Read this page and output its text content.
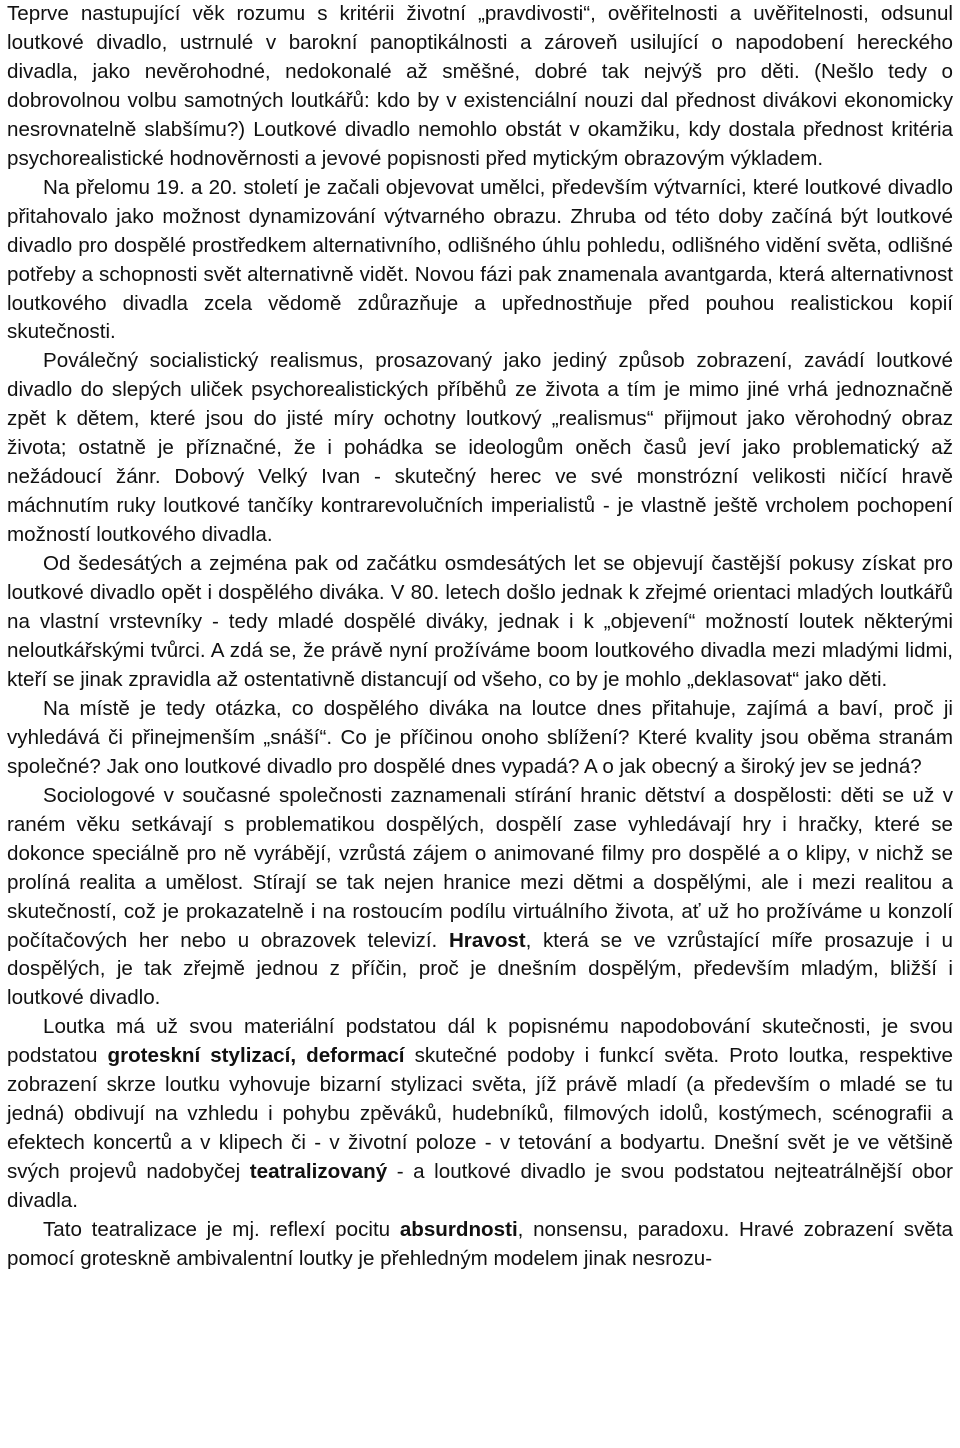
Teprve nastupující věk rozumu s kritérii životní „pravdivosti“, ověřitelnosti a uvěřitelnosti, odsunul loutkové divadlo, ustrnulé v barokní panoptikálnosti a zároveň usilující o napodobení hereckého divadla, jako nevěrohodné, nedokonalé až směšné, dobré tak nejvýš pro děti. (Nešlo tedy o dobrovolnou volbu samotných loutkářů: kdo by v existenciální nouzi dal přednost divákovi ekonomicky nesrovnatelně slabšímu?) Loutkové divadlo nemohlo obstát v okamžiku, kdy dostala přednost kritéria psychorealistické hodnověrnosti a jevové popisnosti před mytickým obrazovým výkladem.

Na přelomu 19. a 20. století je začali objevovat umělci, především výtvarníci, které loutkové divadlo přitahovalo jako možnost dynamizování výtvarného obrazu. Zhruba od této doby začíná být loutkové divadlo pro dospělé prostředkem alternativního, odlišného úhlu pohledu, odlišného vidění světa, odlišné potřeby a schopnosti svět alternativně vidět. Novou fázi pak znamenala avantgarda, která alternativnost loutkového divadla zcela vědomě zdůrazňuje a upřednostňuje před pouhou realistickou kopií skutečnosti.

Poválečný socialistický realismus, prosazovaný jako jediný způsob zobrazení, zavádí loutkové divadlo do slepých uliček psychorealistických příběhů ze života a tím je mimo jiné vrhá jednoznačně zpět k dětem, které jsou do jisté míry ochotny loutkový „realismus“ přijmout jako věrohodný obraz života; ostatně je příznačné, že i pohádka se ideologům oněch časů jeví jako problematický až nežádoucí žánr. Dobový Velký Ivan - skutečný herec ve své monstrózní velikosti ničící hravě máchnutím ruky loutkové tančíky kontrarevolučních imperialistů - je vlastně ještě vrcholem pochopení možností loutkového divadla.

Od šedesátých a zejména pak od začátku osmdesátých let se objevují častější pokusy získat pro loutkové divadlo opět i dospělého diváka. V 80. letech došlo jednak k zřejmé orientaci mladých loutkářů na vlastní vrstevníky - tedy mladé dospělé diváky, jednak i k „objevení“ možností loutek některými neloutkářskými tvůrci. A zdá se, že právě nyní prožíváme boom loutkového divadla mezi mladými lidmi, kteří se jinak zpravidla až ostentativně distancují od všeho, co by je mohlo „deklasovat“ jako děti.

Na místě je tedy otázka, co dospělého diváka na loutce dnes přitahuje, zajímá a baví, proč ji vyhledává či přinejmenším „snáší“. Co je příčinou onoho sblížení? Které kvality jsou oběma stranám společné? Jak ono loutkové divadlo pro dospělé dnes vypadá? A o jak obecný a široký jev se jedná?

Sociologové v současné společnosti zaznamenali stírání hranic dětství a dospělosti: děti se už v raném věku setkávají s problematikou dospělých, dospělí zase vyhledávají hry i hračky, které se dokonce speciálně pro ně vyrábějí, vzrůstá zájem o animované filmy pro dospělé a o klipy, v nichž se prolíná realita a umělost. Stírají se tak nejen hranice mezi dětmi a dospělými, ale i mezi realitou a skutečností, což je prokazatelně i na rostoucím podílu virtuálního života, ať už ho prožíváme u konzolí počítačových her nebo u obrazovek televizí. Hravost, která se ve vzrůstající míře prosazuje i u dospělých, je tak zřejmě jednou z příčin, proč je dnešním dospělým, především mladým, bližší i loutkové divadlo.

Loutka má už svou materiální podstatou dál k popisnému napodobování skutečnosti, je svou podstatou groteskní stylizací, deformací skutečné podoby i funkcí světa. Proto loutka, respektive zobrazení skrze loutku vyhovuje bizarní stylizaci světa, jíž právě mladí (a především o mladé se tu jedná) obdivují na vzhledu i pohybu zpěváků, hudebníků, filmových idolů, kostýmech, scénografii a efektech koncertů a v klipech či - v životní poloze - v tetování a bodyartu. Dnešní svět je ve většině svých projevů nadobyčej teatralizovaný - a loutkové divadlo je svou podstatou nejteatrálnější obor divadla.

Tato teatralizace je mj. reflexí pocitu absurdnosti, nonsensu, paradoxu. Hravé zobrazení světa pomocí groteskně ambivalentní loutky je přehledným modelem jinak nesrozu-
